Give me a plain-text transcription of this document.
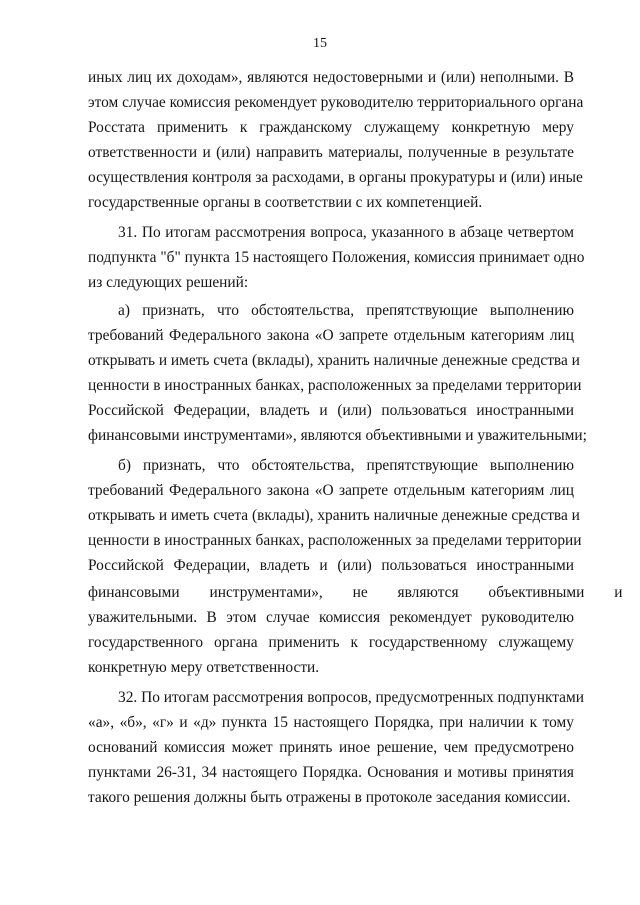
15
иных лиц их доходам», являются недостоверными и (или) неполными. В
этом случае комиссия рекомендует руководителю территориального органа
Росстата применить к гражданскому служащему конкретную меру
ответственности и (или) направить материалы, полученные в результате
осуществления контроля за расходами, в органы прокуратуры и (или) иные
государственные органы в соответствии с их компетенцией.
31. По итогам рассмотрения вопроса, указанного в абзаце четвертом
подпункта "б" пункта 15 настоящего Положения, комиссия принимает одно
из следующих решений:
а) признать, что обстоятельства, препятствующие выполнению
требований Федерального закона «О запрете отдельным категориям лиц
открывать и иметь счета (вклады), хранить наличные денежные средства и
ценности в иностранных банках, расположенных за пределами территории
Российской Федерации, владеть и (или) пользоваться иностранными
финансовыми инструментами», являются объективными и уважительными;
б) признать, что обстоятельства, препятствующие выполнению
требований Федерального закона «О запрете отдельным категориям лиц
открывать и иметь счета (вклады), хранить наличные денежные средства и
ценности в иностранных банках, расположенных за пределами территории
Российской Федерации, владеть и (или) пользоваться иностранными
финансовыми инструментами», не являются объективными и
уважительными. В этом случае комиссия рекомендует руководителю
государственного органа применить к государственному служащему
конкретную меру ответственности.
32. По итогам рассмотрения вопросов, предусмотренных подпунктами
«а», «б», «г» и «д» пункта 15 настоящего Порядка, при наличии к тому
оснований комиссия может принять иное решение, чем предусмотрено
пунктами 26-31, 34 настоящего Порядка. Основания и мотивы принятия
такого решения должны быть отражены в протоколе заседания комиссии.
